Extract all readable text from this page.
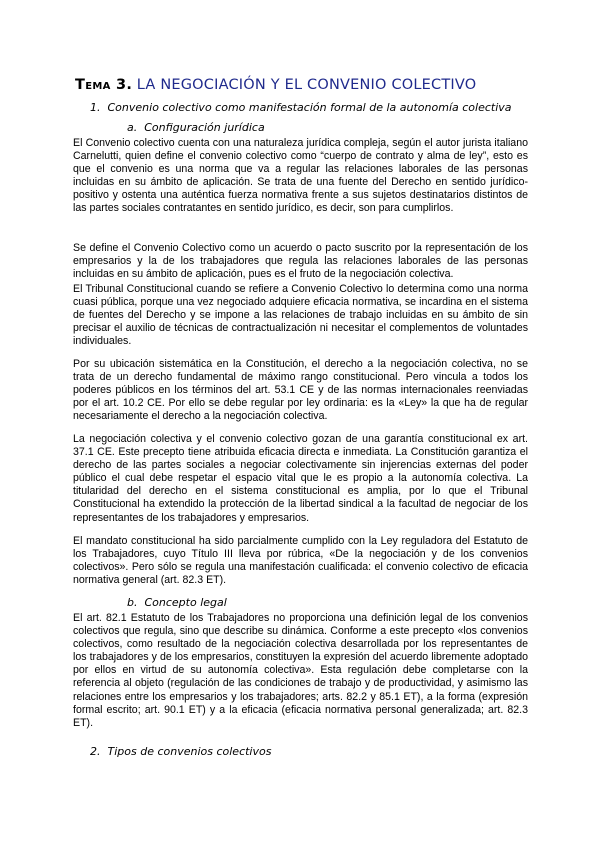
Tema 3. LA NEGOCIACIÓN Y EL CONVENIO COLECTIVO
1. Convenio colectivo como manifestación formal de la autonomía colectiva
a. Configuración jurídica

El Convenio colectivo cuenta con una naturaleza jurídica compleja, según el autor jurista italiano Carnelutti, quien define el convenio colectivo como “cuerpo de contrato y alma de ley”, esto es que el convenio es una norma que va a regular las relaciones laborales de las personas incluidas en su ámbito de aplicación. Se trata de una fuente del Derecho en sentido jurídico-positivo y ostenta una auténtica fuerza normativa frente a sus sujetos destinatarios distintos de las partes sociales contratantes en sentido jurídico, es decir, son para cumplirlos.

Se define el Convenio Colectivo como un acuerdo o pacto suscrito por la representación de los empresarios y la de los trabajadores que regula las relaciones laborales de las personas incluidas en su ámbito de aplicación, pues es el fruto de la negociación colectiva.

El Tribunal Constitucional cuando se refiere a Convenio Colectivo lo determina como una norma cuasi pública, porque una vez negociado adquiere eficacia normativa, se incardina en el sistema de fuentes del Derecho y se impone a las relaciones de trabajo incluidas en su ámbito de sin precisar el auxilio de técnicas de contractualización ni necesitar el complementos de voluntades individuales.

Por su ubicación sistemática en la Constitución, el derecho a la negociación colectiva, no se trata de un derecho fundamental de máximo rango constitucional. Pero vincula a todos los poderes públicos en los términos del art. 53.1 CE y de las normas internacionales reenviadas por el art. 10.2 CE. Por ello se debe regular por ley ordinaria: es la «Ley» la que ha de regular necesariamente el derecho a la negociación colectiva.

La negociación colectiva y el convenio colectivo gozan de una garantía constitucional ex art. 37.1 CE. Este precepto tiene atribuida eficacia directa e inmediata. La Constitución garantiza el derecho de las partes sociales a negociar colectivamente sin injerencias externas del poder público el cual debe respetar el espacio vital que le es propio a la autonomía colectiva. La titularidad del derecho en el sistema constitucional es amplia, por lo que el Tribunal Constitucional ha extendido la protección de la libertad sindical a la facultad de negociar de los representantes de los trabajadores y empresarios.

El mandato constitucional ha sido parcialmente cumplido con la Ley reguladora del Estatuto de los Trabajadores, cuyo Título III lleva por rúbrica, «De la negociación y de los convenios colectivos». Pero sólo se regula una manifestación cualificada: el convenio colectivo de eficacia normativa general (art. 82.3 ET).

b. Concepto legal

El art. 82.1 Estatuto de los Trabajadores no proporciona una definición legal de los convenios colectivos que regula, sino que describe su dinámica. Conforme a este precepto «los convenios colectivos, como resultado de la negociación colectiva desarrollada por los representantes de los trabajadores y de los empresarios, constituyen la expresión del acuerdo libremente adoptado por ellos en virtud de su autonomía colectiva». Esta regulación debe completarse con la referencia al objeto (regulación de las condiciones de trabajo y de productividad, y asimismo las relaciones entre los empresarios y los trabajadores; arts. 82.2 y 85.1 ET), a la forma (expresión formal escrito; art. 90.1 ET) y a la eficacia (eficacia normativa personal generalizada; art. 82.3 ET).

2. Tipos de convenios colectivos
